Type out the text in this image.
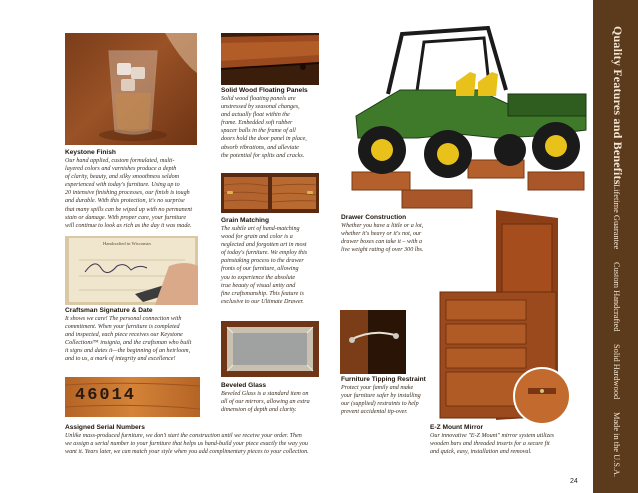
Handcrafted in Wisconsin
46014
Keystone Finish
Our hand applied, custom formulated, multi-
layered colors and varnishes produce a depth
of clarity, beauty, and silky smoothness seldom
experienced with today's furniture. Using up to
20 intensive finishing processes, our finish is tough
and durable. With this protection, it's no surprise
that many spills can be wiped up with no permanent
stain or damage. With proper care, your furniture
will continue to look as rich as the day it was made.
Solid Wood Floating Panels
Solid wood floating panels are
unstressed by seasonal changes,
and actually float within the
frame. Embedded soft rubber
spacer balls in the frame of all
doors hold the door panel in place,
absorb vibrations, and alleviate
the potential for splits and cracks.
Grain Matching
The subtle art of hand-matching
wood for grain and color is a
neglected and forgotten art in most
of today's furniture. We employ this
painstaking process to the drawer
fronts of our furniture, allowing
you to experience the absolute
true beauty of visual unity and
fine craftsmanship. This feature is
exclusive to our Ultimate Drawer.
Drawer Construction
Whether you have a little or a lot,
whether it's heavy or it's not, our
drawer boxes can take it – with a
live weight rating of over 300 lbs.
Craftsman Signature & Date
It shows we care! The personal connection with
commitment. When your furniture is completed
and inspected, each piece receives our Keystone
Collections™ insignia, and the craftsman who built
it signs and dates it—the beginning of an heirloom,
and to us, a mark of integrity and excellence!
Beveled Glass
Beveled Glass is a standard item on
all of our mirrors, allowing an extra
dimension of depth and clarity.
Furniture Tipping Restraint
Protect your family and make
your furniture safer by installing
our (supplied) restraints to help
prevent accidental tip-over.
Assigned Serial Numbers
Unlike mass-produced furniture, we don't start the construction until we receive your order. Then
we assign a serial number to your furniture that helps us hand-build your piece exactly the way you
want it. Years later, we can match your style when you add complimentary pieces to your collection.
E-Z Mount Mirror
Our innovative "E-Z Mount" mirror system utilizes
wooden bars and threaded inserts for a secure fit
and quick, easy, installation and removal.
24
Quality Features and Benefits
Lifetime Guarantee
Custom Handcrafted
Solid Hardwood
Made in the U.S.A.
